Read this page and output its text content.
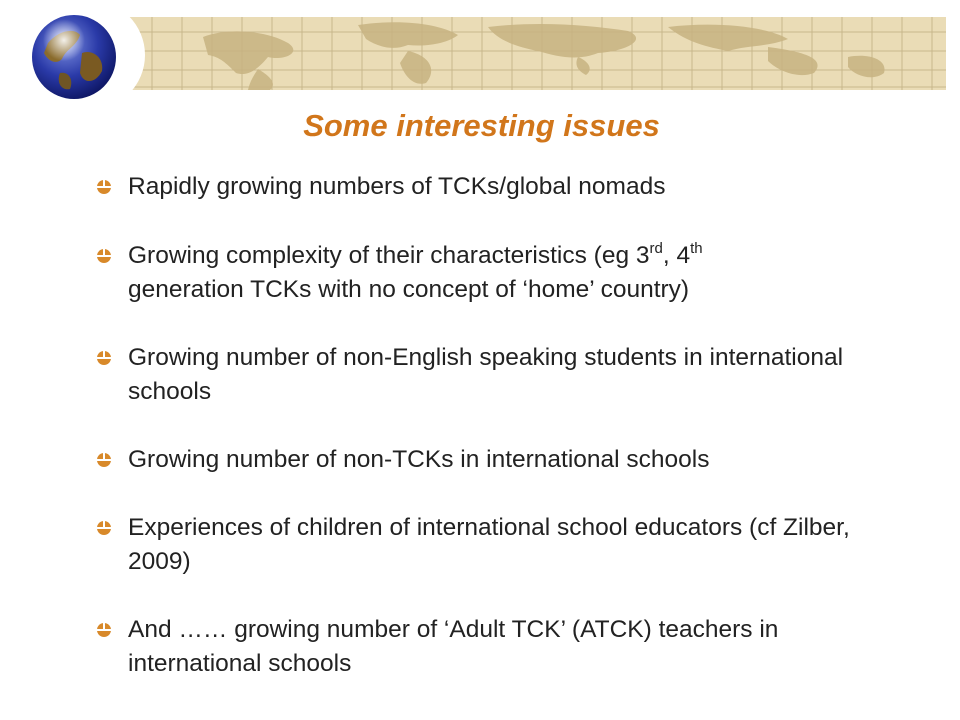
Some interesting issues
Rapidly growing numbers of TCKs/global nomads
Growing complexity of their characteristics (eg 3rd, 4th
generation TCKs with no concept of ‘home’ country)
Growing number of non-English speaking students in international schools
Growing number of non-TCKs in international schools
Experiences of children of international school educators (cf Zilber, 2009)
And …… growing number of ‘Adult TCK’ (ATCK) teachers in international schools
